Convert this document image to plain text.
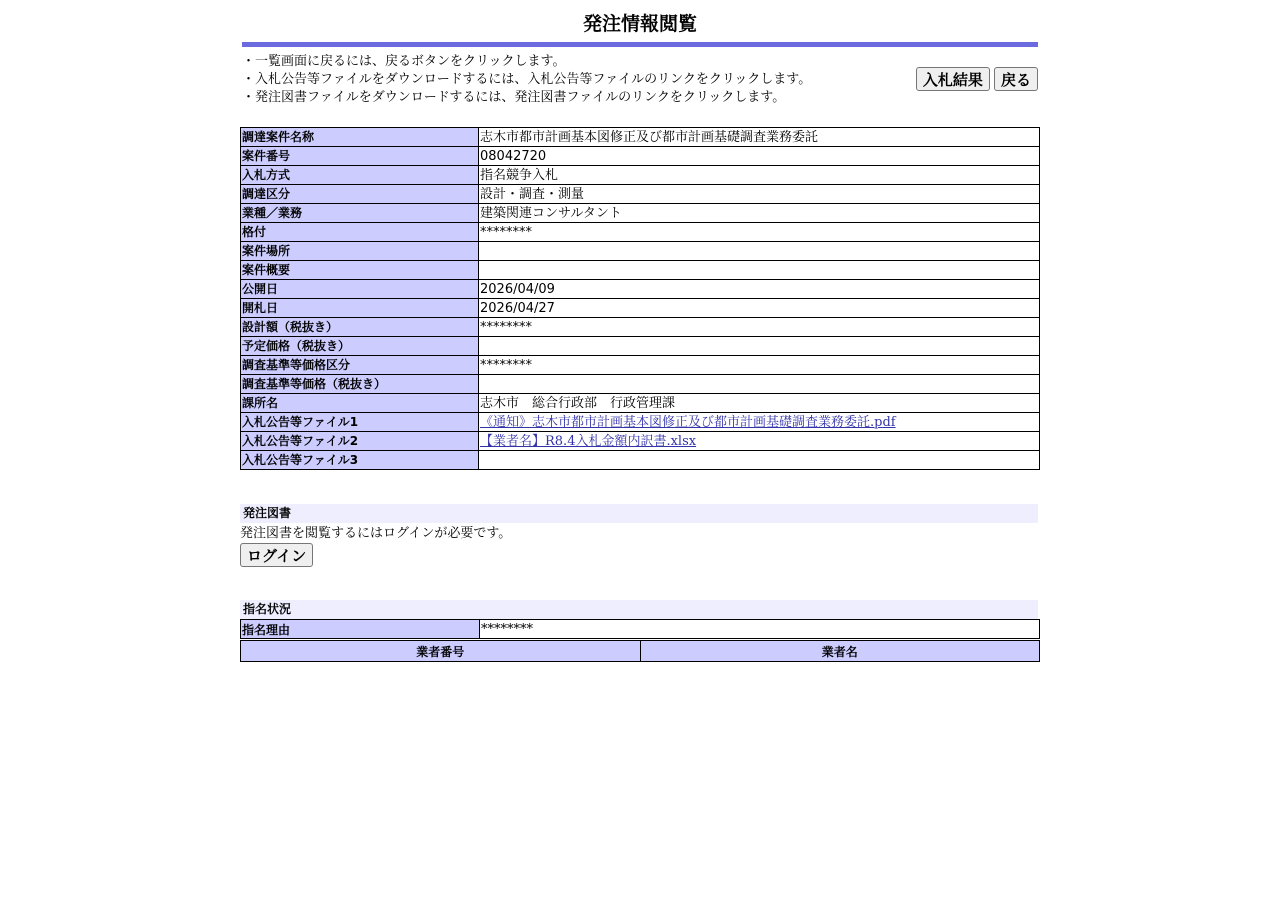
発注情報閲覧
・一覧画面に戻るには、戻るボタンをクリックします。
・入札公告等ファイルをダウンロードするには、入札公告等ファイルのリンクをクリックします。
・発注図書ファイルをダウンロードするには、発注図書ファイルのリンクをクリックします。
入札結果 戻る
調達案件名称	志木市都市計画基本図修正及び都市計画基礎調査業務委託
案件番号	08042720
入札方式	指名競争入札
調達区分	設計・調査・測量
業種／業務	建築関連コンサルタント
格付	********
案件場所	
案件概要	
公開日	2026/04/09
開札日	2026/04/27
設計額（税抜き）	********
予定価格（税抜き）	
調査基準等価格区分	********
調査基準等価格（税抜き）	
課所名	志木市　総合行政部　行政管理課
入札公告等ファイル1	《通知》志木市都市計画基本図修正及び都市計画基礎調査業務委託.pdf
入札公告等ファイル2	【業者名】R8.4入札金額内訳書.xlsx
入札公告等ファイル3	
発注図書
発注図書を閲覧するにはログインが必要です。
ログイン
指名状況
指名理由	********
業者番号	業者名
